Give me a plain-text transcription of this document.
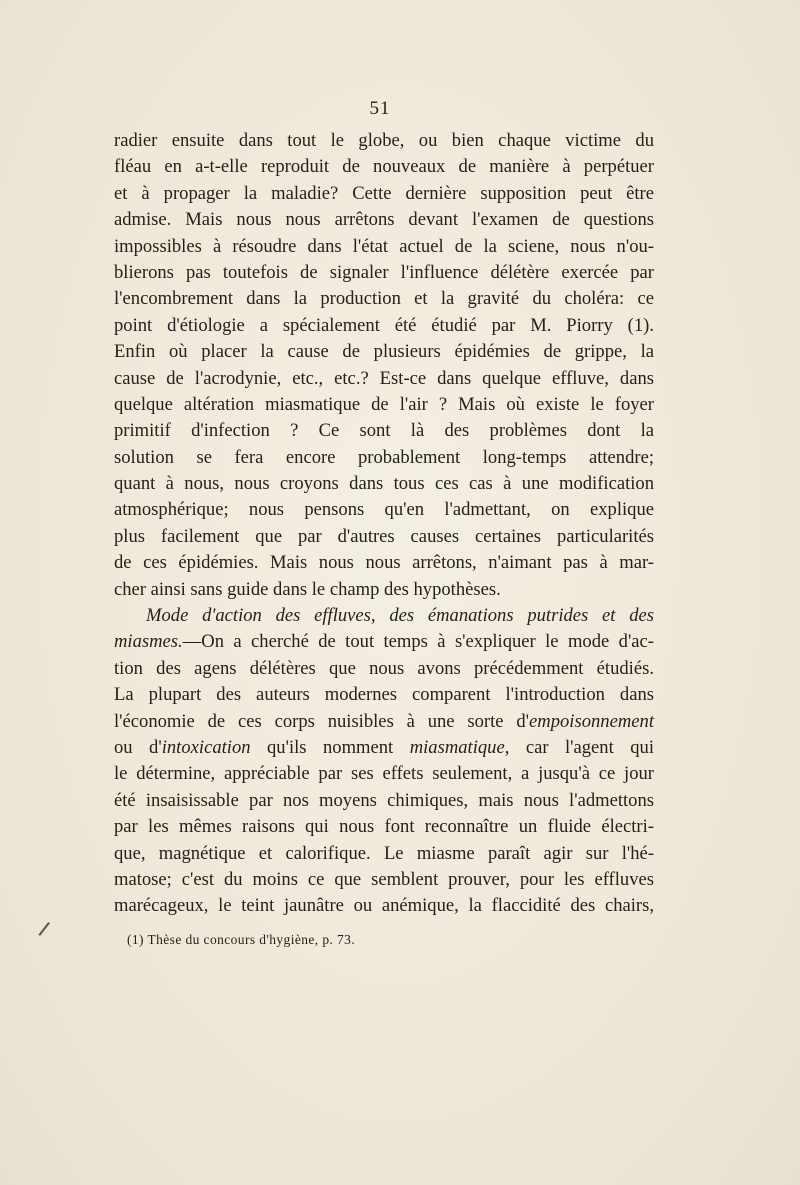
51
radier ensuite dans tout le globe, ou bien chaque victime du
fléau en a-t-elle reproduit de nouveaux de manière à perpétuer
et à propager la maladie? Cette dernière supposition peut être
admise. Mais nous nous arrêtons devant l'examen de questions
impossibles à résoudre dans l'état actuel de la sciene, nous n'ou-
blierons pas toutefois de signaler l'influence délétère exercée par
l'encombrement dans la production et la gravité du choléra: ce
point d'étiologie a spécialement été étudié par M. Piorry (1).
Enfin où placer la cause de plusieurs épidémies de grippe, la
cause de l'acrodynie, etc., etc.? Est-ce dans quelque effluve, dans
quelque altération miasmatique de l'air ? Mais où existe le foyer
primitif d'infection ? Ce sont là des problèmes dont la
solution se fera encore probablement long-temps attendre;
quant à nous, nous croyons dans tous ces cas à une modification
atmosphérique; nous pensons qu'en l'admettant, on explique
plus facilement que par d'autres causes certaines particularités
de ces épidémies. Mais nous nous arrêtons, n'aimant pas à mar-
cher ainsi sans guide dans le champ des hypothèses.
Mode d'action des effluves, des émanations putrides et des
miasmes.—On a cherché de tout temps à s'expliquer le mode d'ac-
tion des agens délétères que nous avons précédemment étudiés.
La plupart des auteurs modernes comparent l'introduction dans
l'économie de ces corps nuisibles à une sorte d'empoisonnement
ou d'intoxication qu'ils nomment miasmatique, car l'agent qui
le détermine, appréciable par ses effets seulement, a jusqu'à ce jour
été insaisissable par nos moyens chimiques, mais nous l'admettons
par les mêmes raisons qui nous font reconnaître un fluide électri-
que, magnétique et calorifique. Le miasme paraît agir sur l'hé-
matose; c'est du moins ce que semblent prouver, pour les effluves
marécageux, le teint jaunâtre ou anémique, la flaccidité des chairs,
(1) Thèse du concours d'hygiène, p. 73.
